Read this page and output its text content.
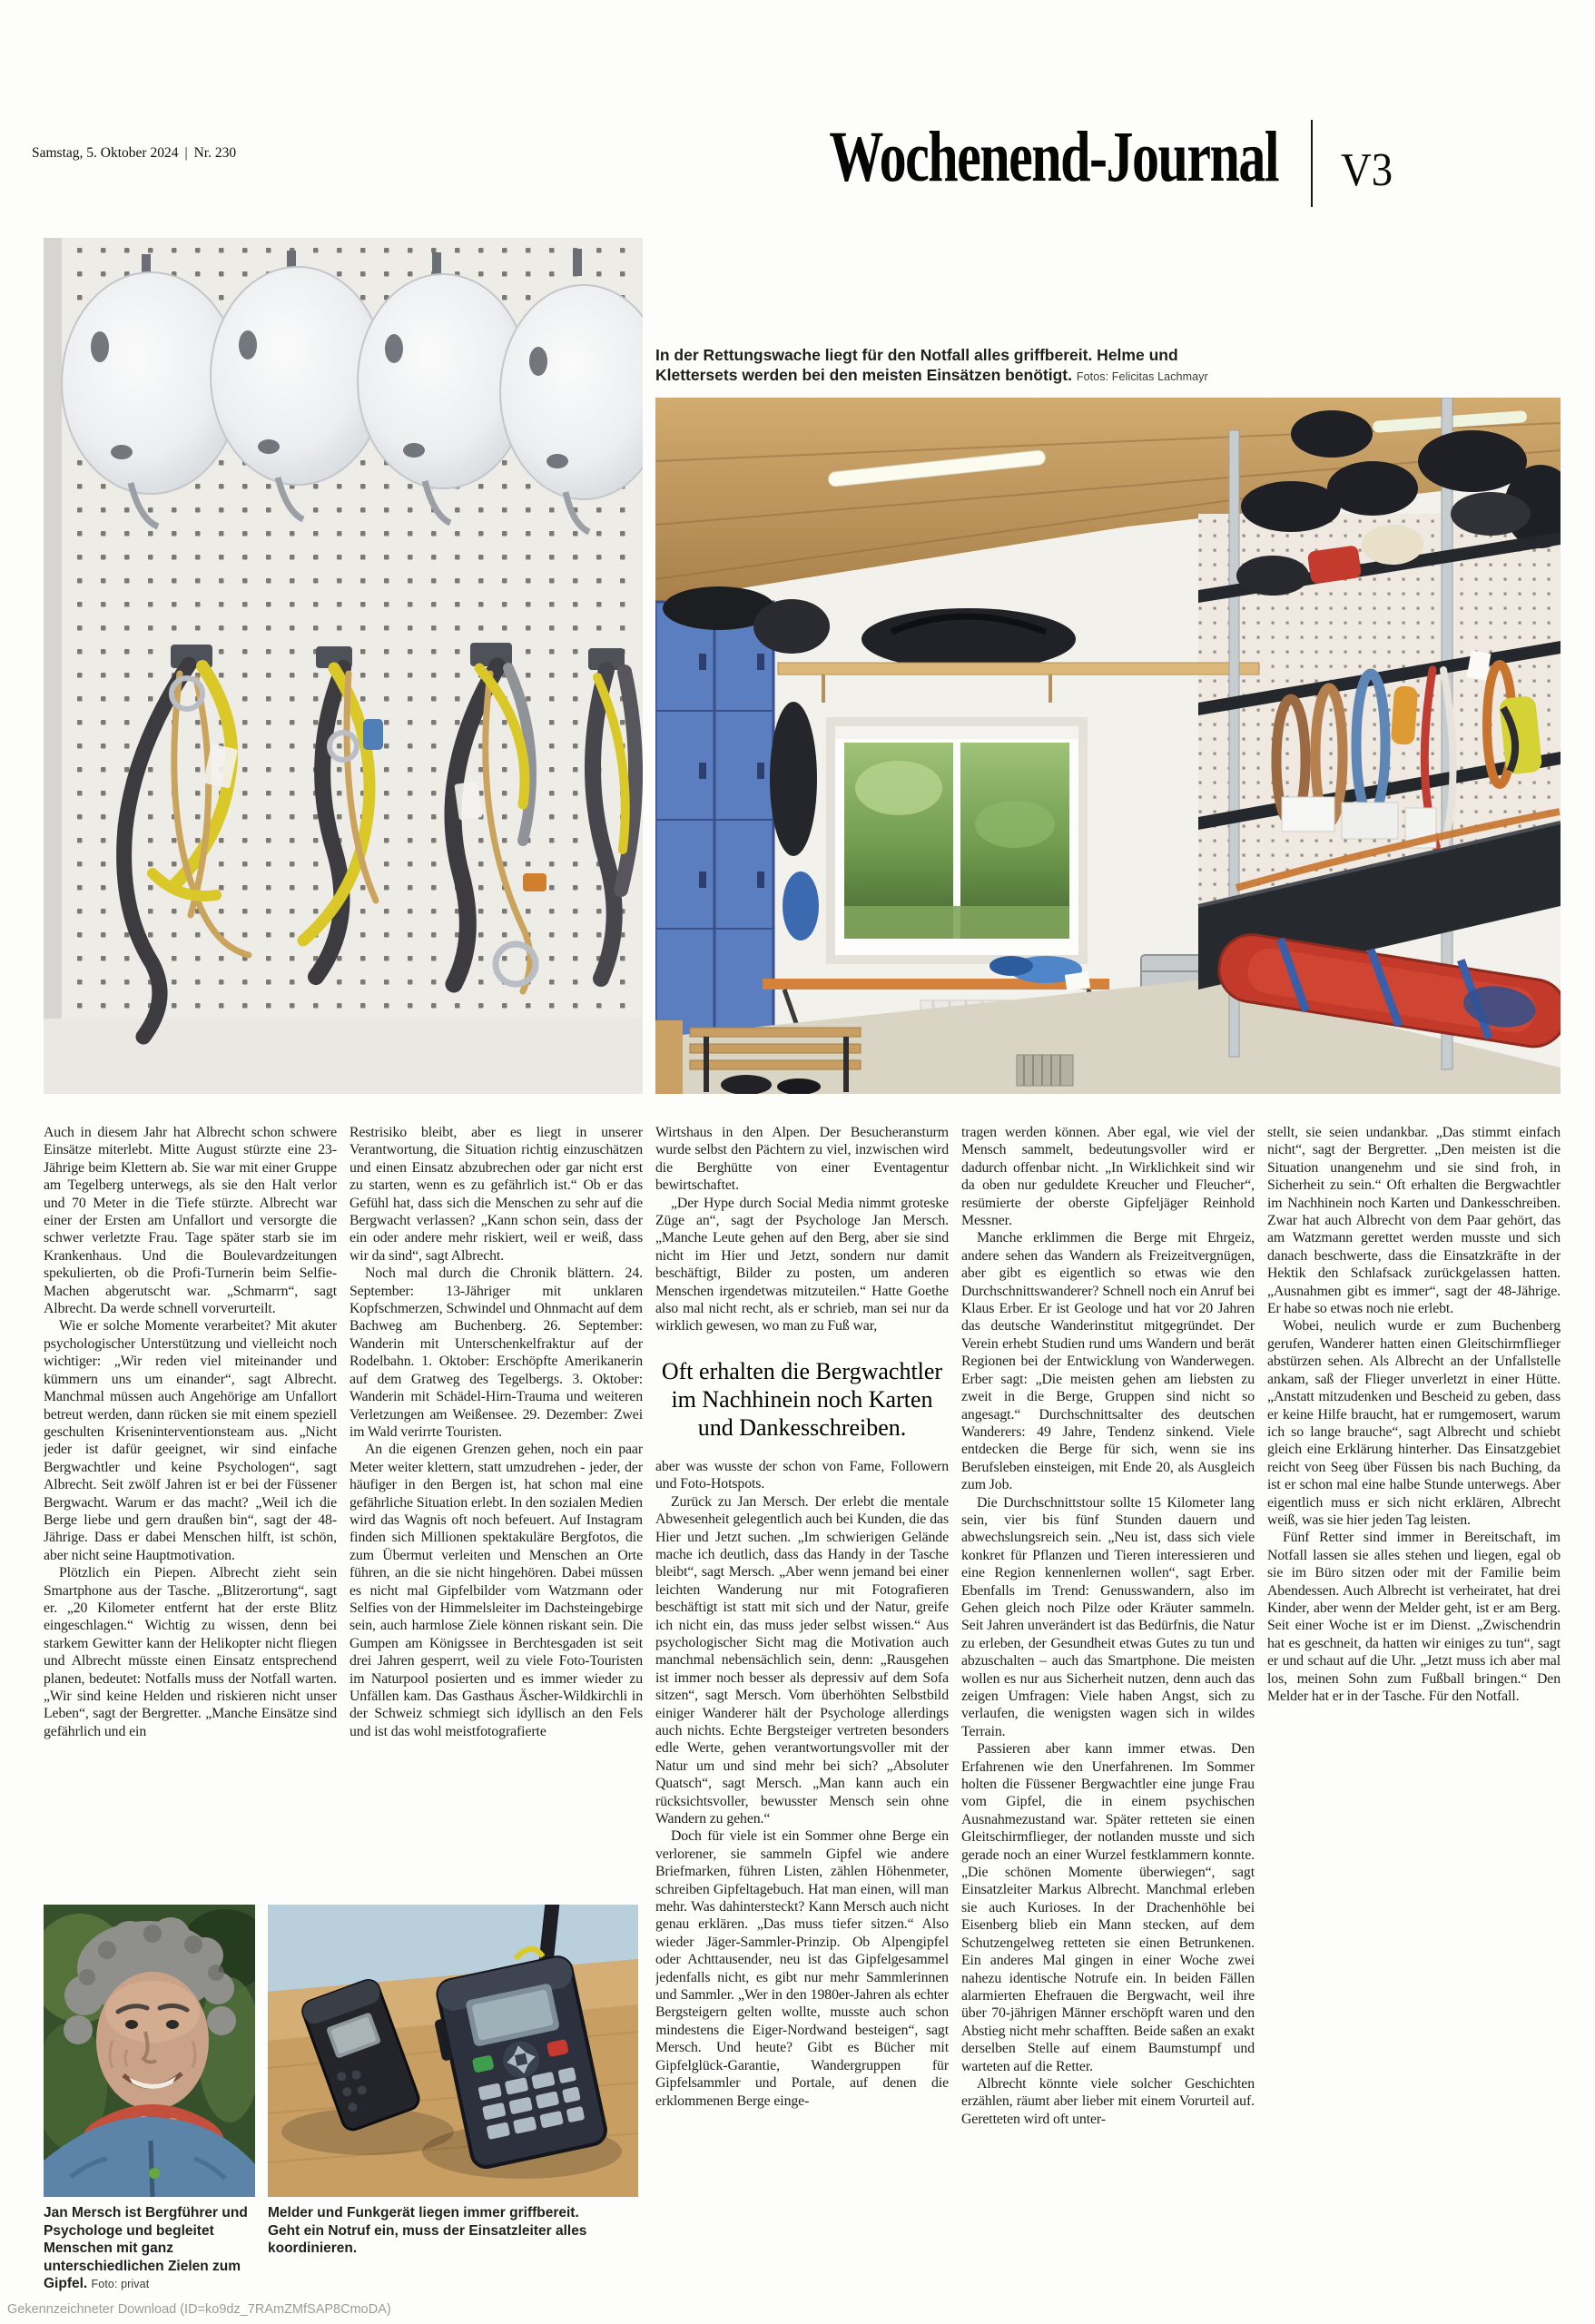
Samstag, 5. Oktober 2024 | Nr. 230	Wochenend-Journal V3
In der Rettungswache liegt für den Notfall alles griffbereit. Helme und Klettersets werden bei den meisten Einsätzen benötigt. Fotos: Felicitas Lachmayr

Auch in diesem Jahr hat Albrecht schon schwere Einsätze miterlebt. Mitte August stürzte eine 23-Jährige beim Klettern ab. Sie war mit einer Gruppe am Tegelberg unterwegs, als sie den Halt verlor und 70 Meter in die Tiefe stürzte. Albrecht war einer der Ersten am Unfallort und versorgte die schwer verletzte Frau. Tage später starb sie im Krankenhaus. Und die Boulevardzeitungen spekulierten, ob die Profi-Turnerin beim Selfie-Machen abgerutscht war. „Schmarrn“, sagt Albrecht. Da werde schnell vorverurteilt.

Wie er solche Momente verarbeitet? Mit akuter psychologischer Unterstützung und vielleicht noch wichtiger: „Wir reden viel miteinander und kümmern uns um einander“, sagt Albrecht. Manchmal müssen auch Angehörige am Unfallort betreut werden, dann rücken sie mit einem speziell geschulten Kriseninterventionsteam aus. „Nicht jeder ist dafür geeignet, wir sind einfache Bergwachtler und keine Psychologen“, sagt Albrecht. Seit zwölf Jahren ist er bei der Füssener Bergwacht. Warum er das macht? „Weil ich die Berge liebe und gern draußen bin“, sagt der 48-Jährige. Dass er dabei Menschen hilft, ist schön, aber nicht seine Hauptmotivation.

Plötzlich ein Piepen. Albrecht zieht sein Smartphone aus der Tasche. „Blitzerortung“, sagt er. „20 Kilometer entfernt hat der erste Blitz eingeschlagen.“ Wichtig zu wissen, denn bei starkem Gewitter kann der Helikopter nicht fliegen und Albrecht müsste einen Einsatz entsprechend planen, bedeutet: Notfalls muss der Notfall warten. „Wir sind keine Helden und riskieren nicht unser Leben“, sagt der Bergretter. „Manche Einsätze sind gefährlich und ein

Restrisiko bleibt, aber es liegt in unserer Verantwortung, die Situation richtig einzuschätzen und einen Einsatz abzubrechen oder gar nicht erst zu starten, wenn es zu gefährlich ist.“ Ob er das Gefühl hat, dass sich die Menschen zu sehr auf die Bergwacht verlassen? „Kann schon sein, dass der ein oder andere mehr riskiert, weil er weiß, dass wir da sind“, sagt Albrecht.

Noch mal durch die Chronik blättern. 24. September: 13-Jähriger mit unklaren Kopfschmerzen, Schwindel und Ohnmacht auf dem Bachweg am Buchenberg. 26. September: Wanderin mit Unterschenkelfraktur auf der Rodelbahn. 1. Oktober: Erschöpfte Amerikanerin auf dem Gratweg des Tegelbergs. 3. Oktober: Wanderin mit Schädel-Hirn-Trauma und weiteren Verletzungen am Weißensee. 29. Dezember: Zwei im Wald verirrte Touristen.

An die eigenen Grenzen gehen, noch ein paar Meter weiter klettern, statt umzudrehen - jeder, der häufiger in den Bergen ist, hat schon mal eine gefährliche Situation erlebt. In den sozialen Medien wird das Wagnis oft noch befeuert. Auf Instagram finden sich Millionen spektakuläre Bergfotos, die zum Übermut verleiten und Menschen an Orte führen, an die sie nicht hingehören. Dabei müssen es nicht mal Gipfelbilder vom Watzmann oder Selfies von der Himmelsleiter im Dachsteingebirge sein, auch harmlose Ziele können riskant sein. Die Gumpen am Königssee in Berchtesgaden ist seit drei Jahren gesperrt, weil zu viele Foto-Touristen im Naturpool posierten und es immer wieder zu Unfällen kam. Das Gasthaus Äscher-Wildkirchli in der Schweiz schmiegt sich idyllisch an den Fels und ist das wohl meistfotografierte

Wirtshaus in den Alpen. Der Besucheransturm wurde selbst den Pächtern zu viel, inzwischen wird die Berghütte von einer Eventagentur bewirtschaftet.

„Der Hype durch Social Media nimmt groteske Züge an“, sagt der Psychologe Jan Mersch. „Manche Leute gehen auf den Berg, aber sie sind nicht im Hier und Jetzt, sondern nur damit beschäftigt, Bilder zu posten, um anderen Menschen irgendetwas mitzuteilen.“ Hatte Goethe also mal nicht recht, als er schrieb, man sei nur da wirklich gewesen, wo man zu Fuß war,

Oft erhalten die Bergwachtler im Nachhinein noch Karten und Dankesschreiben.

aber was wusste der schon von Fame, Followern und Foto-Hotspots.

Zurück zu Jan Mersch. Der erlebt die mentale Abwesenheit gelegentlich auch bei Kunden, die das Hier und Jetzt suchen. „Im schwierigen Gelände mache ich deutlich, dass das Handy in der Tasche bleibt“, sagt Mersch. „Aber wenn jemand bei einer leichten Wanderung nur mit Fotografieren beschäftigt ist statt mit sich und der Natur, greife ich nicht ein, das muss jeder selbst wissen.“ Aus psychologischer Sicht mag die Motivation auch manchmal nebensächlich sein, denn: „Rausgehen ist immer noch besser als depressiv auf dem Sofa sitzen“, sagt Mersch. Vom überhöhten Selbstbild einiger Wanderer hält der Psychologe allerdings auch nichts. Echte Bergsteiger vertreten besonders edle Werte, gehen verantwortungsvoller mit der Natur um und sind mehr bei sich? „Absoluter Quatsch“, sagt Mersch. „Man kann auch ein rücksichtsvoller, bewusster Mensch sein ohne Wandern zu gehen.“

Doch für viele ist ein Sommer ohne Berge ein verlorener, sie sammeln Gipfel wie andere Briefmarken, führen Listen, zählen Höhenmeter, schreiben Gipfeltagebuch. Hat man einen, will man mehr. Was dahintersteckt? Kann Mersch auch nicht genau erklären. „Das muss tiefer sitzen.“ Also wieder Jäger-Sammler-Prinzip. Ob Alpengipfel oder Achttausender, neu ist das Gipfelgesammel jedenfalls nicht, es gibt nur mehr Sammlerinnen und Sammler. „Wer in den 1980er-Jahren als echter Bergsteigern gelten wollte, musste auch schon mindestens die Eiger-Nordwand besteigen“, sagt Mersch. Und heute? Gibt es Bücher mit Gipfelglück-Garantie, Wandergruppen für Gipfelsammler und Portale, auf denen die erklommenen Berge einge-

tragen werden können. Aber egal, wie viel der Mensch sammelt, bedeutungsvoller wird er dadurch offenbar nicht. „In Wirklichkeit sind wir da oben nur geduldete Kreucher und Fleucher“, resümierte der oberste Gipfeljäger Reinhold Messner.

Manche erklimmen die Berge mit Ehrgeiz, andere sehen das Wandern als Freizeitvergnügen, aber gibt es eigentlich so etwas wie den Durchschnittswanderer? Schnell noch ein Anruf bei Klaus Erber. Er ist Geologe und hat vor 20 Jahren das deutsche Wanderinstitut mitgegründet. Der Verein erhebt Studien rund ums Wandern und berät Regionen bei der Entwicklung von Wanderwegen. Erber sagt: „Die meisten gehen am liebsten zu zweit in die Berge, Gruppen sind nicht so angesagt.“ Durchschnittsalter des deutschen Wanderers: 49 Jahre, Tendenz sinkend. Viele entdecken die Berge für sich, wenn sie ins Berufsleben einsteigen, mit Ende 20, als Ausgleich zum Job.

Die Durchschnittstour sollte 15 Kilometer lang sein, vier bis fünf Stunden dauern und abwechslungsreich sein. „Neu ist, dass sich viele konkret für Pflanzen und Tieren interessieren und eine Region kennenlernen wollen“, sagt Erber. Ebenfalls im Trend: Genusswandern, also im Gehen gleich noch Pilze oder Kräuter sammeln. Seit Jahren unverändert ist das Bedürfnis, die Natur zu erleben, der Gesundheit etwas Gutes zu tun und abzuschalten – auch das Smartphone. Die meisten wollen es nur aus Sicherheit nutzen, denn auch das zeigen Umfragen: Viele haben Angst, sich zu verlaufen, die wenigsten wagen sich in wildes Terrain.

Passieren aber kann immer etwas. Den Erfahrenen wie den Unerfahrenen. Im Sommer holten die Füssener Bergwachtler eine junge Frau vom Gipfel, die in einem psychischen Ausnahmezustand war. Später retteten sie einen Gleitschirmflieger, der notlanden musste und sich gerade noch an einer Wurzel festklammern konnte. „Die schönen Momente überwiegen“, sagt Einsatzleiter Markus Albrecht. Manchmal erleben sie auch Kurioses. In der Drachenhöhle bei Eisenberg blieb ein Mann stecken, auf dem Schutzengelweg retteten sie einen Betrunkenen. Ein anderes Mal gingen in einer Woche zwei nahezu identische Notrufe ein. In beiden Fällen alarmierten Ehefrauen die Bergwacht, weil ihre über 70-jährigen Männer erschöpft waren und den Abstieg nicht mehr schafften. Beide saßen an exakt derselben Stelle auf einem Baumstumpf und warteten auf die Retter.

Albrecht könnte viele solcher Geschichten erzählen, räumt aber lieber mit einem Vorurteil auf. Geretteten wird oft unter-

stellt, sie seien undankbar. „Das stimmt einfach nicht“, sagt der Bergretter. „Den meisten ist die Situation unangenehm und sie sind froh, in Sicherheit zu sein.“ Oft erhalten die Bergwachtler im Nachhinein noch Karten und Dankesschreiben. Zwar hat auch Albrecht von dem Paar gehört, das am Watzmann gerettet werden musste und sich danach beschwerte, dass die Einsatzkräfte in der Hektik den Schlafsack zurückgelassen hatten. „Ausnahmen gibt es immer“, sagt der 48-Jährige. Er habe so etwas noch nie erlebt.

Wobei, neulich wurde er zum Buchenberg gerufen, Wanderer hatten einen Gleitschirmflieger abstürzen sehen. Als Albrecht an der Unfallstelle ankam, saß der Flieger unverletzt in einer Hütte. „Anstatt mitzudenken und Bescheid zu geben, dass er keine Hilfe braucht, hat er rumgemosert, warum ich so lange brauche“, sagt Albrecht und schiebt gleich eine Erklärung hinterher. Das Einsatzgebiet reicht von Seeg über Füssen bis nach Buching, da ist er schon mal eine halbe Stunde unterwegs. Aber eigentlich muss er sich nicht erklären, Albrecht weiß, was sie hier jeden Tag leisten.

Fünf Retter sind immer in Bereitschaft, im Notfall lassen sie alles stehen und liegen, egal ob sie im Büro sitzen oder mit der Familie beim Abendessen. Auch Albrecht ist verheiratet, hat drei Kinder, aber wenn der Melder geht, ist er am Berg. Seit einer Woche ist er im Dienst. „Zwischendrin hat es geschneit, da hatten wir einiges zu tun“, sagt er und schaut auf die Uhr. „Jetzt muss ich aber mal los, meinen Sohn zum Fußball bringen.“ Den Melder hat er in der Tasche. Für den Notfall.

Jan Mersch ist Bergführer und Psychologe und begleitet Menschen mit ganz unterschiedlichen Zielen zum Gipfel. Foto: privat
Melder und Funkgerät liegen immer griffbereit. Geht ein Notruf ein, muss der Einsatzleiter alles koordinieren.
Gekennzeichneter Download (ID=ko9dz_7RAmZMfSAP8CmoDA)
